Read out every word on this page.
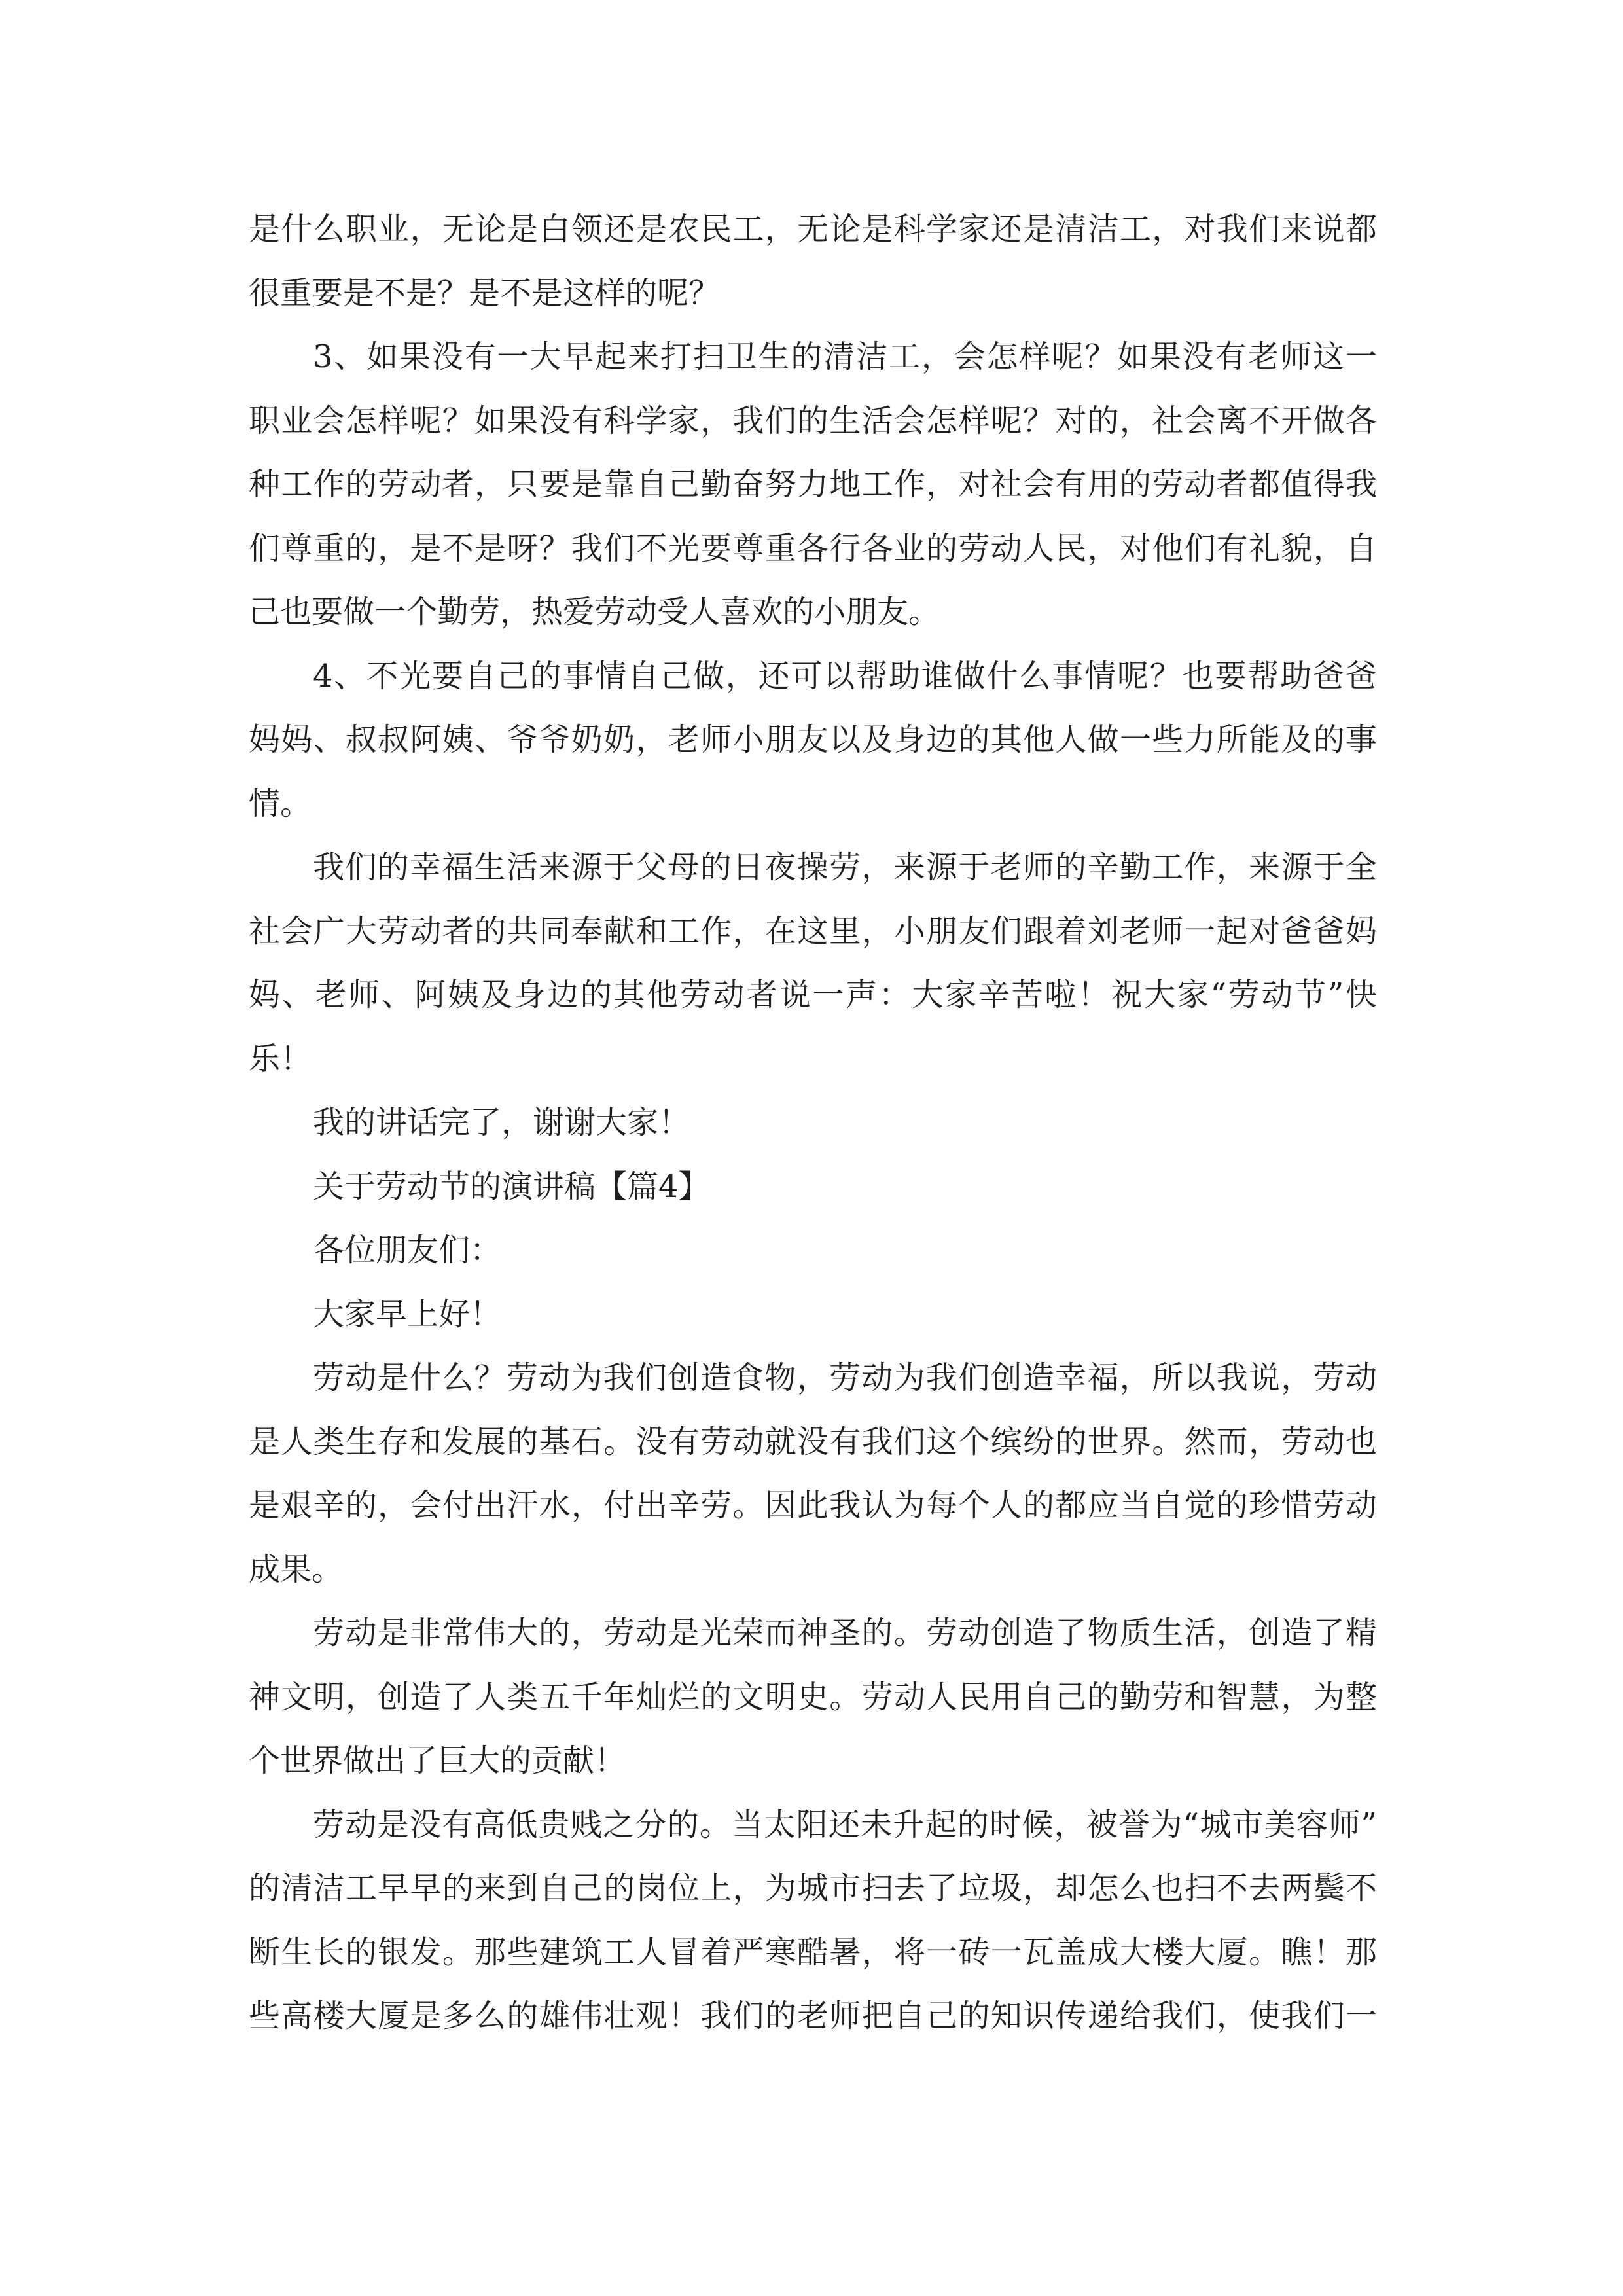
是什么职业，无论是白领还是农民工，无论是科学家还是清洁工，对我们来说都
很重要是不是？是不是这样的呢？
3、如果没有一大早起来打扫卫生的清洁工，会怎样呢？如果没有老师这一
职业会怎样呢？如果没有科学家，我们的生活会怎样呢？对的，社会离不开做各
种工作的劳动者，只要是靠自己勤奋努力地工作，对社会有用的劳动者都值得我
们尊重的，是不是呀？我们不光要尊重各行各业的劳动人民，对他们有礼貌，自
己也要做一个勤劳，热爱劳动受人喜欢的小朋友。
4、不光要自己的事情自己做，还可以帮助谁做什么事情呢？也要帮助爸爸
妈妈、叔叔阿姨、爷爷奶奶，老师小朋友以及身边的其他人做一些力所能及的事
情。
我们的幸福生活来源于父母的日夜操劳，来源于老师的辛勤工作，来源于全
社会广大劳动者的共同奉献和工作，在这里，小朋友们跟着刘老师一起对爸爸妈
妈、老师、阿姨及身边的其他劳动者说一声：大家辛苦啦！祝大家“劳动节”快
乐！
我的讲话完了，谢谢大家！
关于劳动节的演讲稿【篇4】
各位朋友们：
大家早上好！
劳动是什么？劳动为我们创造食物，劳动为我们创造幸福，所以我说，劳动
是人类生存和发展的基石。没有劳动就没有我们这个缤纷的世界。然而，劳动也
是艰辛的，会付出汗水，付出辛劳。因此我认为每个人的都应当自觉的珍惜劳动
成果。
劳动是非常伟大的，劳动是光荣而神圣的。劳动创造了物质生活，创造了精
神文明，创造了人类五千年灿烂的文明史。劳动人民用自己的勤劳和智慧，为整
个世界做出了巨大的贡献！
劳动是没有高低贵贱之分的。当太阳还未升起的时候，被誉为“城市美容师”
的清洁工早早的来到自己的岗位上，为城市扫去了垃圾，却怎么也扫不去两鬓不
断生长的银发。那些建筑工人冒着严寒酷暑，将一砖一瓦盖成大楼大厦。瞧！那
些高楼大厦是多么的雄伟壮观！我们的老师把自己的知识传递给我们，使我们一
